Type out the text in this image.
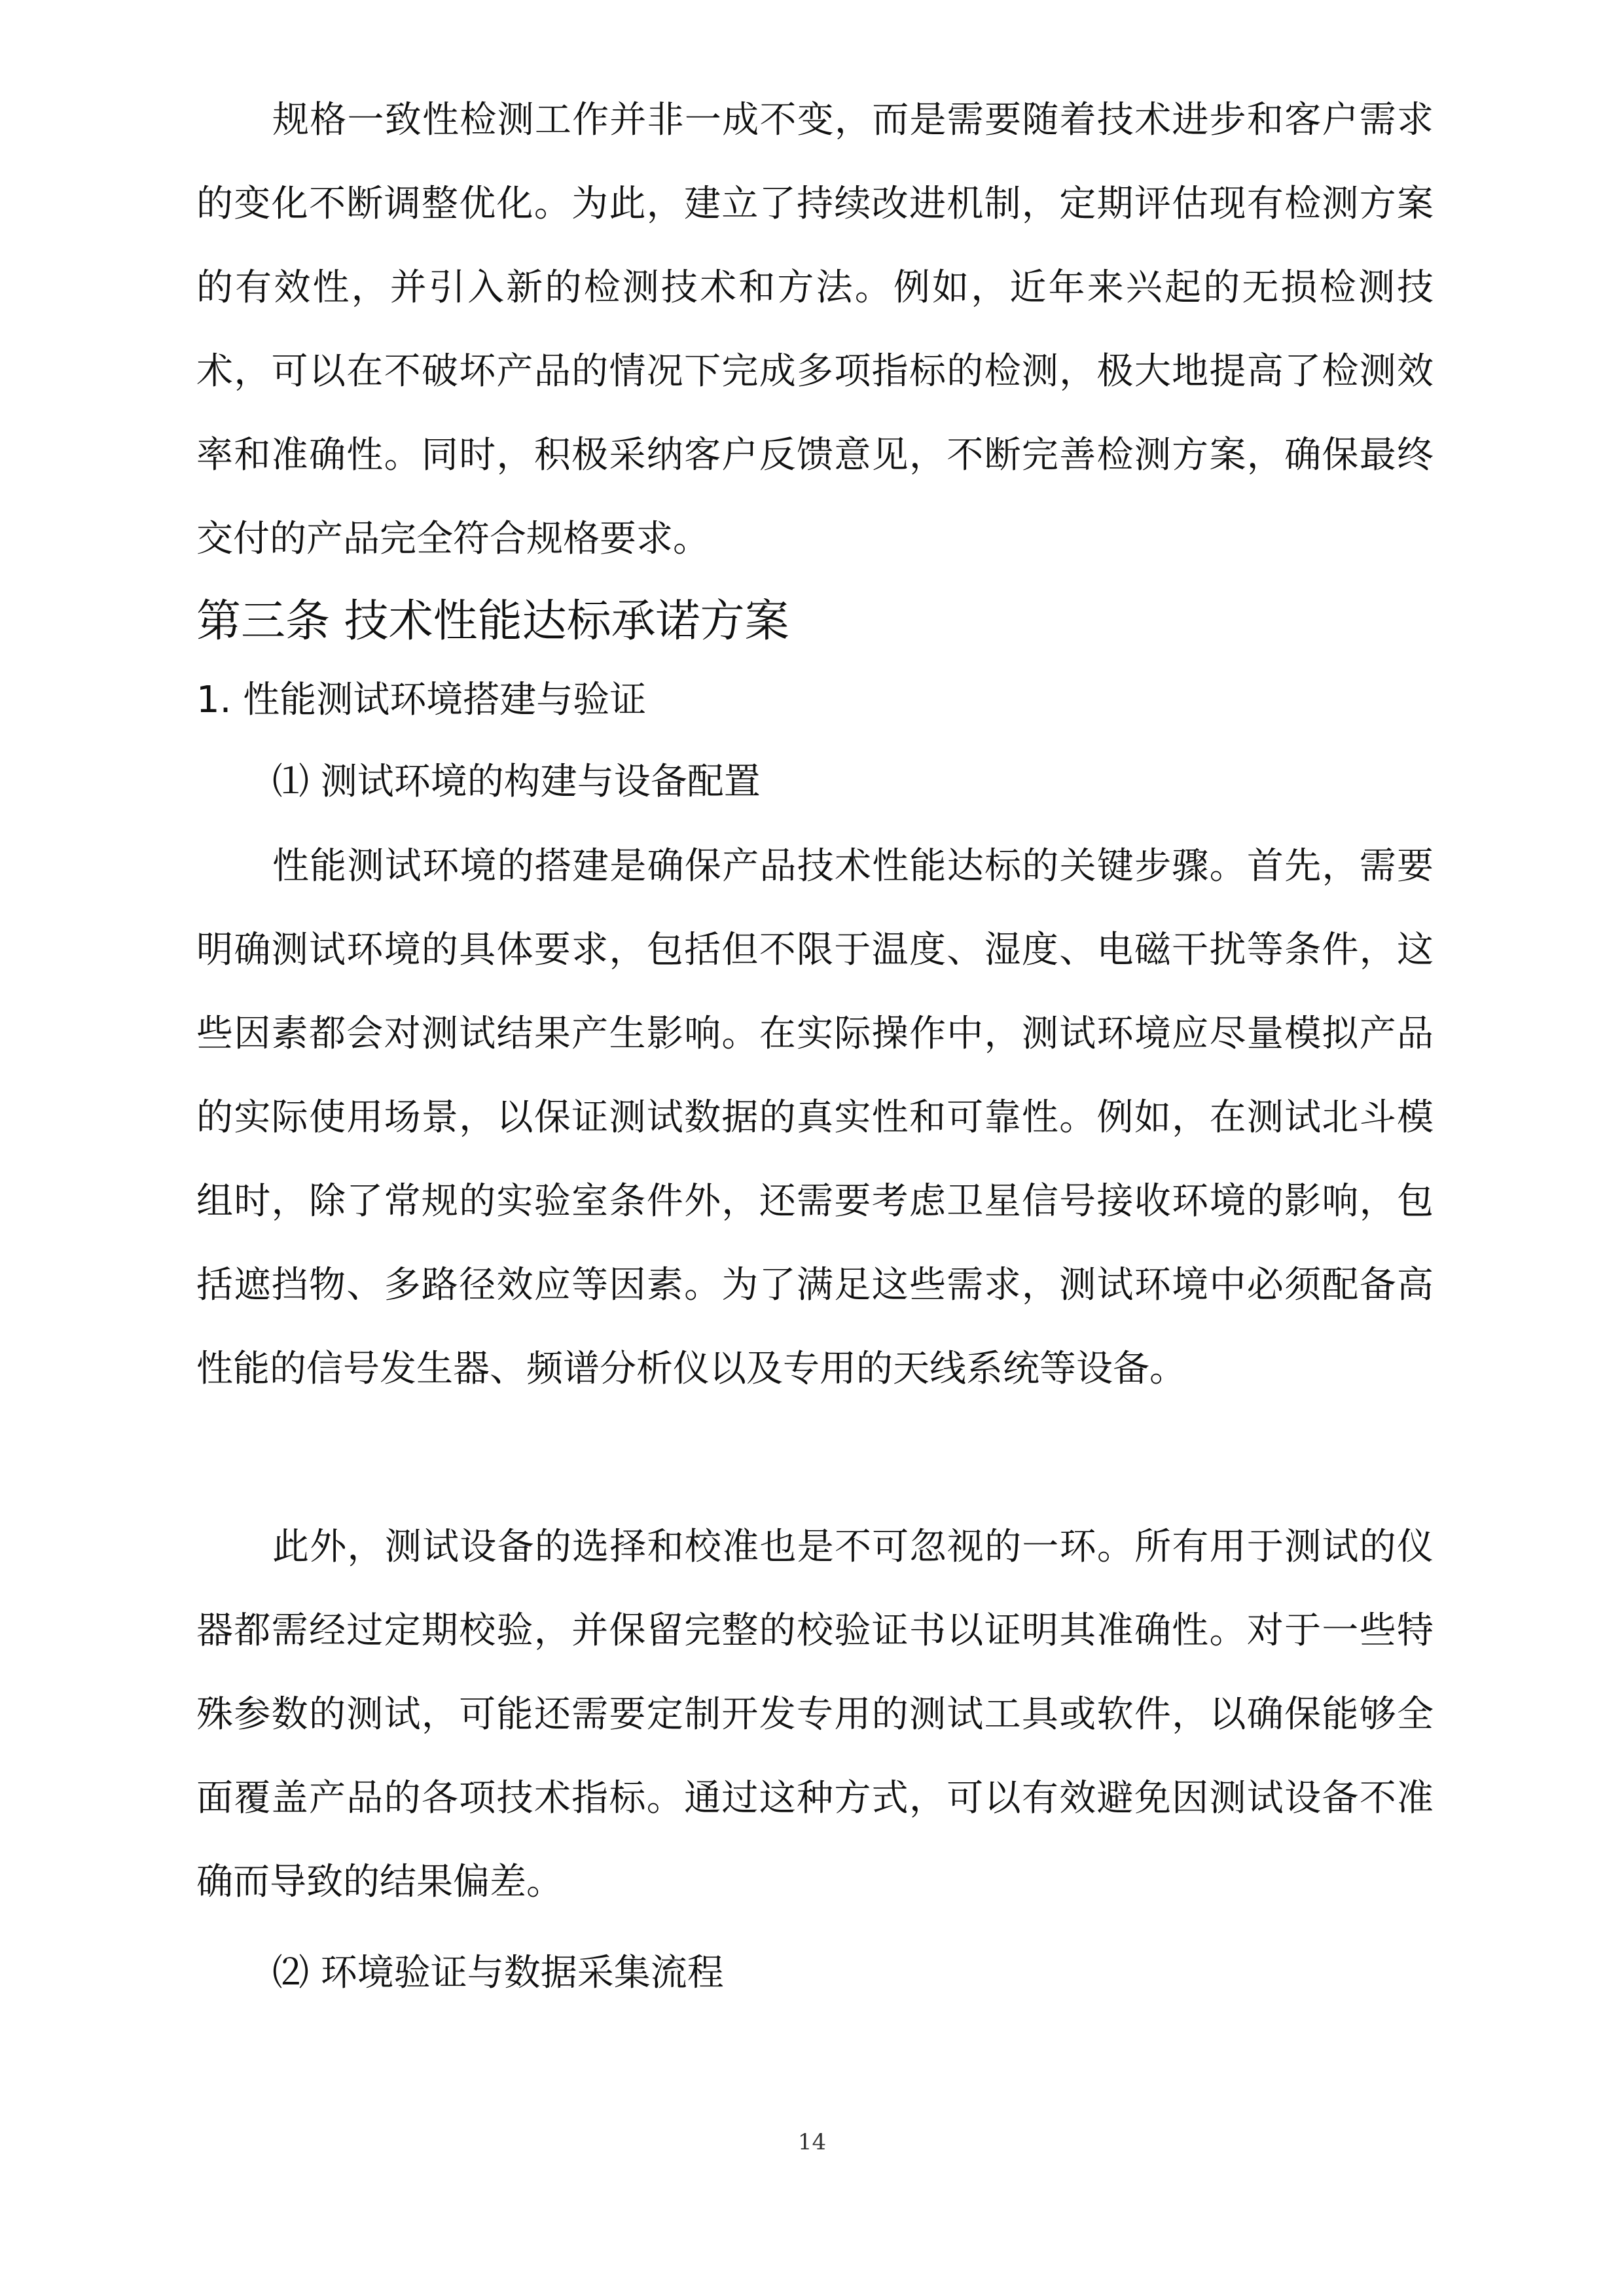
规格一致性检测工作并非一成不变，而是需要随着技术进步和客户需求的变化不断调整优化。为此，建立了持续改进机制，定期评估现有检测方案的有效性，并引入新的检测技术和方法。例如，近年来兴起的无损检测技术，可以在不破坏产品的情况下完成多项指标的检测，极大地提高了检测效率和准确性。同时，积极采纳客户反馈意见，不断完善检测方案，确保最终交付的产品完全符合规格要求。

第三条 技术性能达标承诺方案
1. 性能测试环境搭建与验证
⑴ 测试环境的构建与设备配置

性能测试环境的搭建是确保产品技术性能达标的关键步骤。首先，需要明确测试环境的具体要求，包括但不限于温度、湿度、电磁干扰等条件，这些因素都会对测试结果产生影响。在实际操作中，测试环境应尽量模拟产品的实际使用场景，以保证测试数据的真实性和可靠性。例如，在测试北斗模组时，除了常规的实验室条件外，还需要考虑卫星信号接收环境的影响，包括遮挡物、多路径效应等因素。为了满足这些需求，测试环境中必须配备高性能的信号发生器、频谱分析仪以及专用的天线系统等设备。

此外，测试设备的选择和校准也是不可忽视的一环。所有用于测试的仪器都需经过定期校验，并保留完整的校验证书以证明其准确性。对于一些特殊参数的测试，可能还需要定制开发专用的测试工具或软件，以确保能够全面覆盖产品的各项技术指标。通过这种方式，可以有效避免因测试设备不准确而导致的结果偏差。

⑵ 环境验证与数据采集流程
14
